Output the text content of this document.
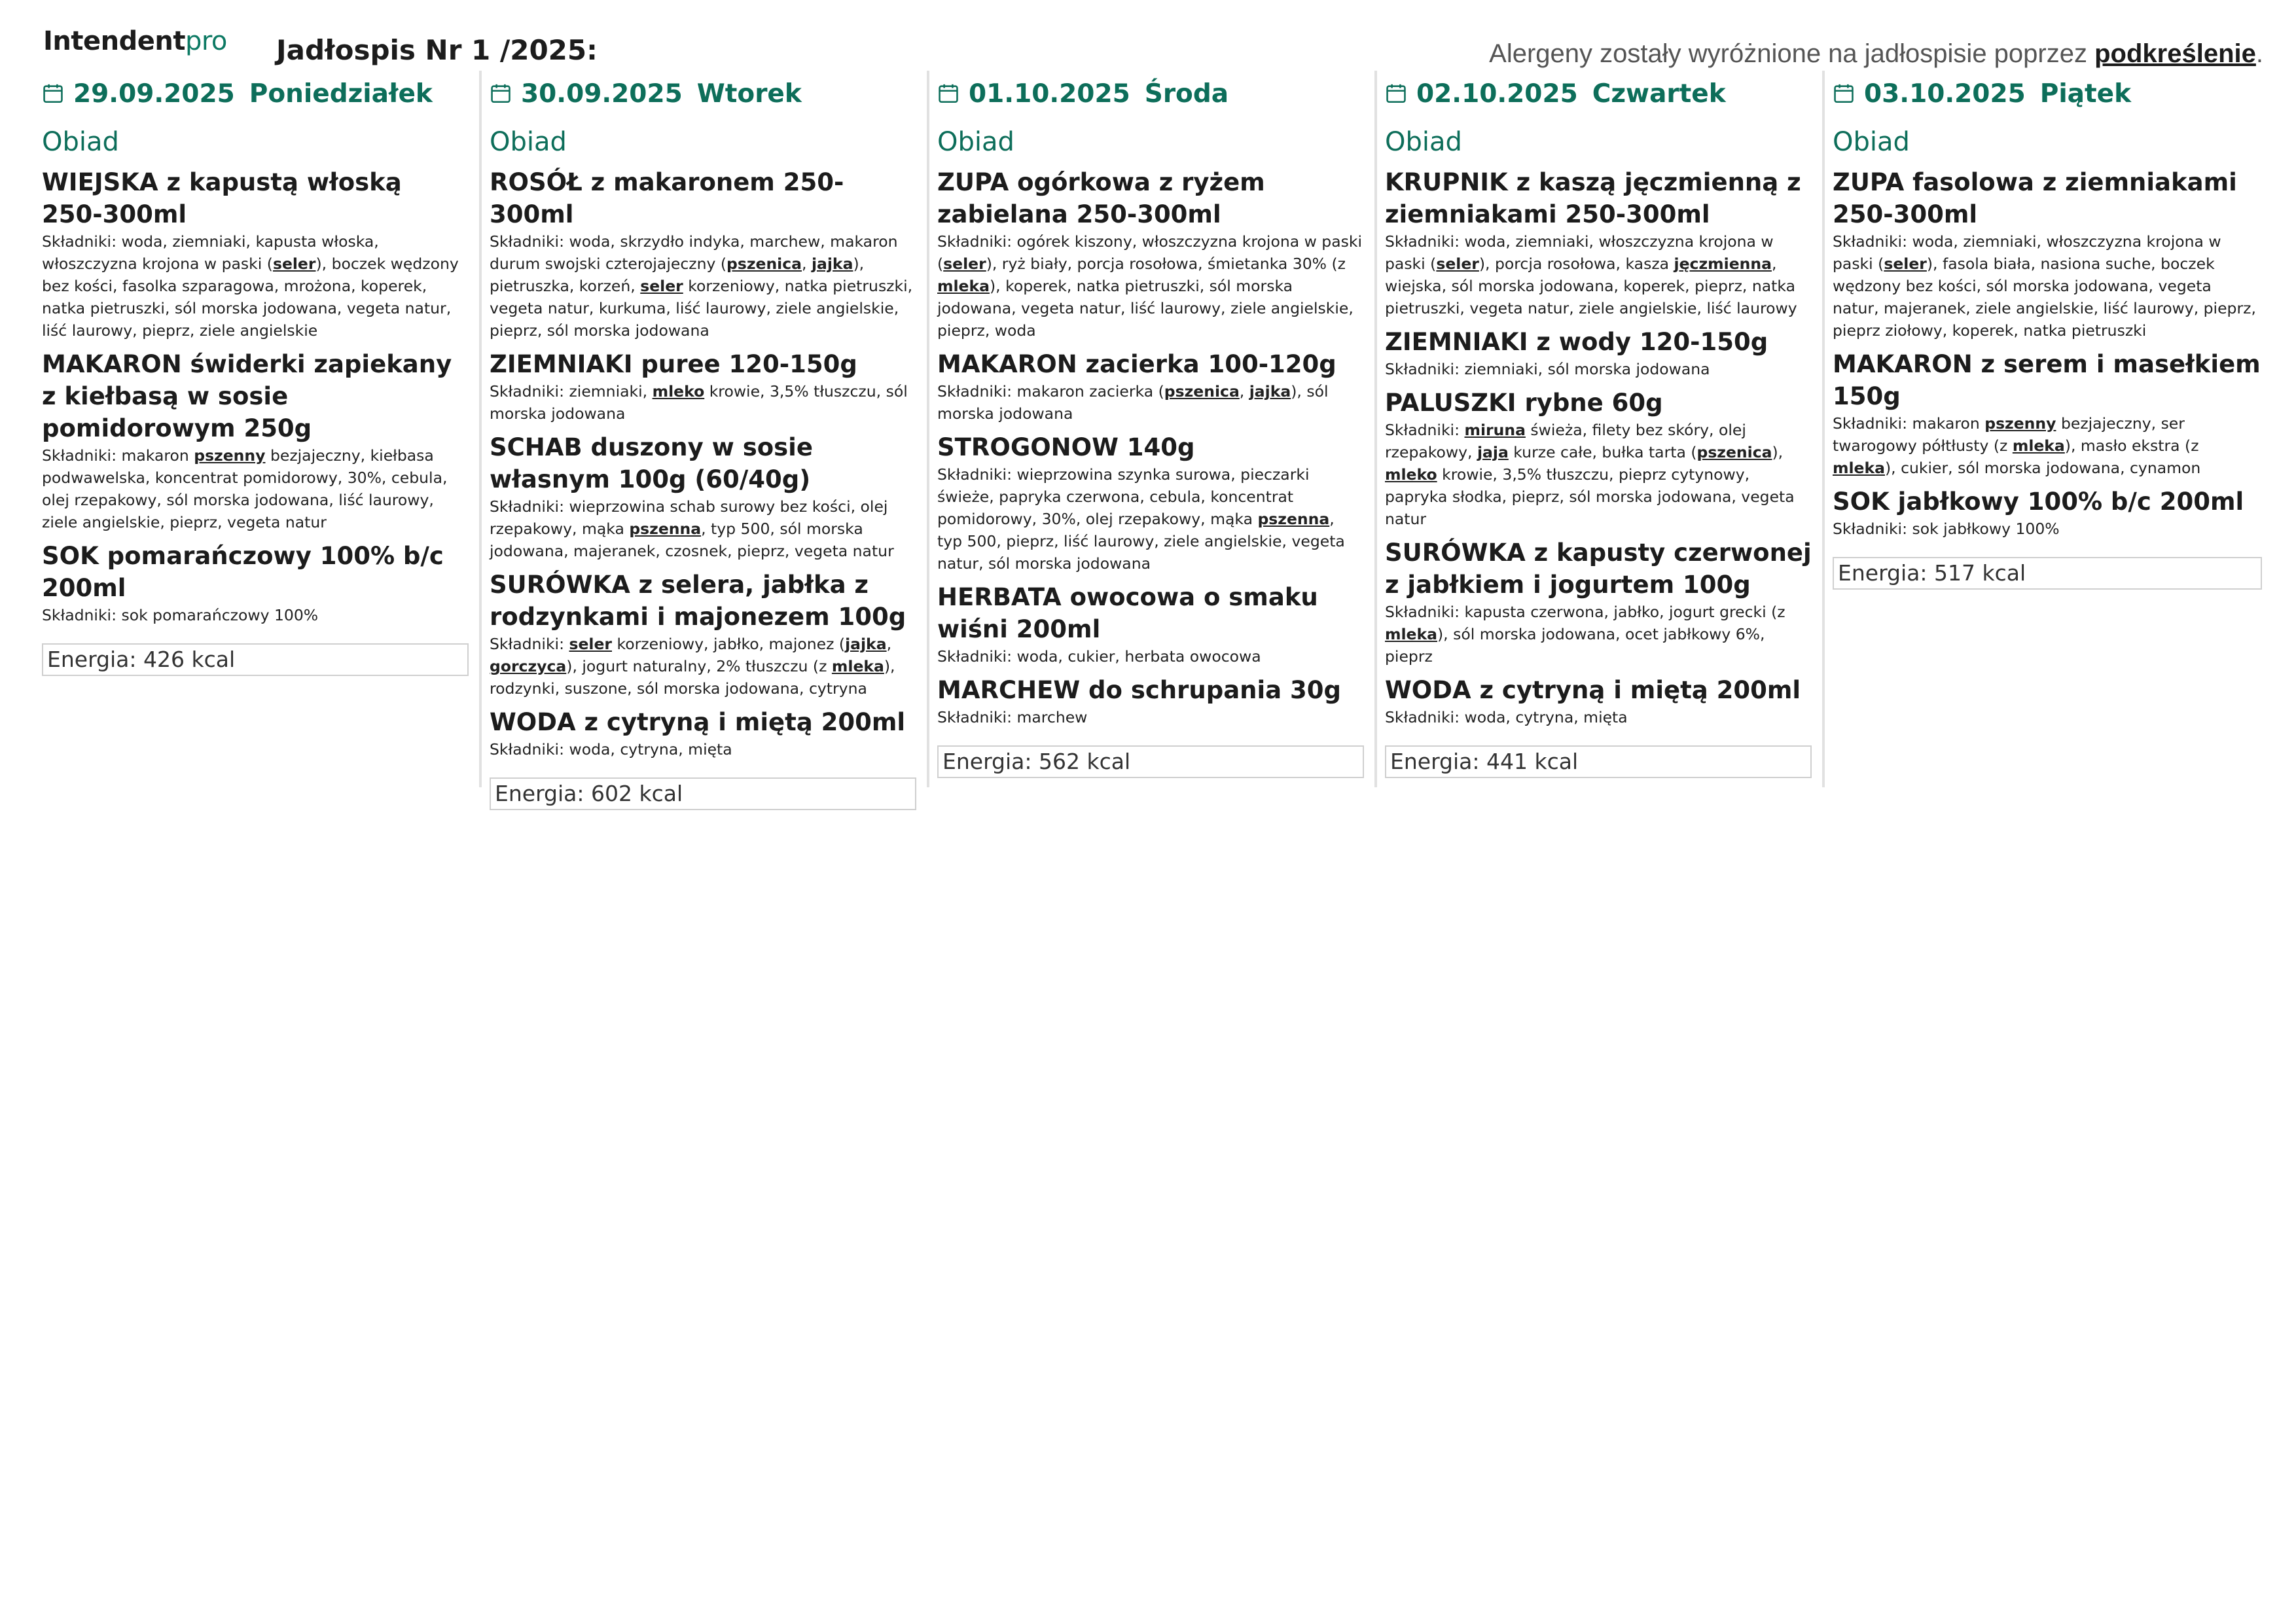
Intendentpro Jadłospis Nr 1 /2025:	Alergeny zostały wyróżnione na jadłospisie poprzez podkreślenie.
29.09.2025 Poniedziałek
Obiad
WIEJSKA z kapustą włoską 250-300ml
Składniki: woda, ziemniaki, kapusta włoska, włoszczyzna krojona w paski (seler), boczek wędzony bez kości, fasolka szparagowa, mrożona, koperek, natka pietruszki, sól morska jodowana, vegeta natur, liść laurowy, pieprz, ziele angielskie
MAKARON świderki zapiekany z kiełbasą w sosie pomidorowym 250g
Składniki: makaron pszenny bezjajeczny, kiełbasa podwawelska, koncentrat pomidorowy, 30%, cebula, olej rzepakowy, sól morska jodowana, liść laurowy, ziele angielskie, pieprz, vegeta natur
SOK pomarańczowy 100% b/c 200ml
Składniki: sok pomarańczowy 100%
Energia: 426 kcal
30.09.2025 Wtorek
Obiad
ROSÓŁ z makaronem 250-300ml
Składniki: woda, skrzydło indyka, marchew, makaron durum swojski czterojajeczny (pszenica, jajka), pietruszka, korzeń, seler korzeniowy, natka pietruszki, vegeta natur, kurkuma, liść laurowy, ziele angielskie, pieprz, sól morska jodowana
ZIEMNIAKI puree 120-150g
Składniki: ziemniaki, mleko krowie, 3,5% tłuszczu, sól morska jodowana
SCHAB duszony w sosie własnym 100g (60/40g)
Składniki: wieprzowina schab surowy bez kości, olej rzepakowy, mąka pszenna, typ 500, sól morska jodowana, majeranek, czosnek, pieprz, vegeta natur
SURÓWKA z selera, jabłka z rodzynkami i majonezem 100g
Składniki: seler korzeniowy, jabłko, majonez (jajka, gorczyca), jogurt naturalny, 2% tłuszczu (z mleka), rodzynki, suszone, sól morska jodowana, cytryna
WODA z cytryną i miętą 200ml
Składniki: woda, cytryna, mięta
Energia: 602 kcal
01.10.2025 Środa
Obiad
ZUPA ogórkowa z ryżem zabielana 250-300ml
Składniki: ogórek kiszony, włoszczyzna krojona w paski (seler), ryż biały, porcja rosołowa, śmietanka 30% (z mleka), koperek, natka pietruszki, sól morska jodowana, vegeta natur, liść laurowy, ziele angielskie, pieprz, woda
MAKARON zacierka 100-120g
Składniki: makaron zacierka (pszenica, jajka), sól morska jodowana
STROGONOW 140g
Składniki: wieprzowina szynka surowa, pieczarki świeże, papryka czerwona, cebula, koncentrat pomidorowy, 30%, olej rzepakowy, mąka pszenna, typ 500, pieprz, liść laurowy, ziele angielskie, vegeta natur, sól morska jodowana
HERBATA owocowa o smaku wiśni 200ml
Składniki: woda, cukier, herbata owocowa
MARCHEW do schrupania 30g
Składniki: marchew
Energia: 562 kcal
02.10.2025 Czwartek
Obiad
KRUPNIK z kaszą jęczmienną z ziemniakami 250-300ml
Składniki: woda, ziemniaki, włoszczyzna krojona w paski (seler), porcja rosołowa, kasza jęczmienna, wiejska, sól morska jodowana, koperek, pieprz, natka pietruszki, vegeta natur, ziele angielskie, liść laurowy
ZIEMNIAKI z wody 120-150g
Składniki: ziemniaki, sól morska jodowana
PALUSZKI rybne 60g
Składniki: miruna świeża, filety bez skóry, olej rzepakowy, jaja kurze całe, bułka tarta (pszenica), mleko krowie, 3,5% tłuszczu, pieprz cytynowy, papryka słodka, pieprz, sól morska jodowana, vegeta natur
SURÓWKA z kapusty czerwonej z jabłkiem i jogurtem 100g
Składniki: kapusta czerwona, jabłko, jogurt grecki (z mleka), sól morska jodowana, ocet jabłkowy 6%, pieprz
WODA z cytryną i miętą 200ml
Składniki: woda, cytryna, mięta
Energia: 441 kcal
03.10.2025 Piątek
Obiad
ZUPA fasolowa z ziemniakami 250-300ml
Składniki: woda, ziemniaki, włoszczyzna krojona w paski (seler), fasola biała, nasiona suche, boczek wędzony bez kości, sól morska jodowana, vegeta natur, majeranek, ziele angielskie, liść laurowy, pieprz, pieprz ziołowy, koperek, natka pietruszki
MAKARON z serem i masełkiem 150g
Składniki: makaron pszenny bezjajeczny, ser twarogowy półtłusty (z mleka), masło ekstra (z mleka), cukier, sól morska jodowana, cynamon
SOK jabłkowy 100% b/c 200ml
Składniki: sok jabłkowy 100%
Energia: 517 kcal
